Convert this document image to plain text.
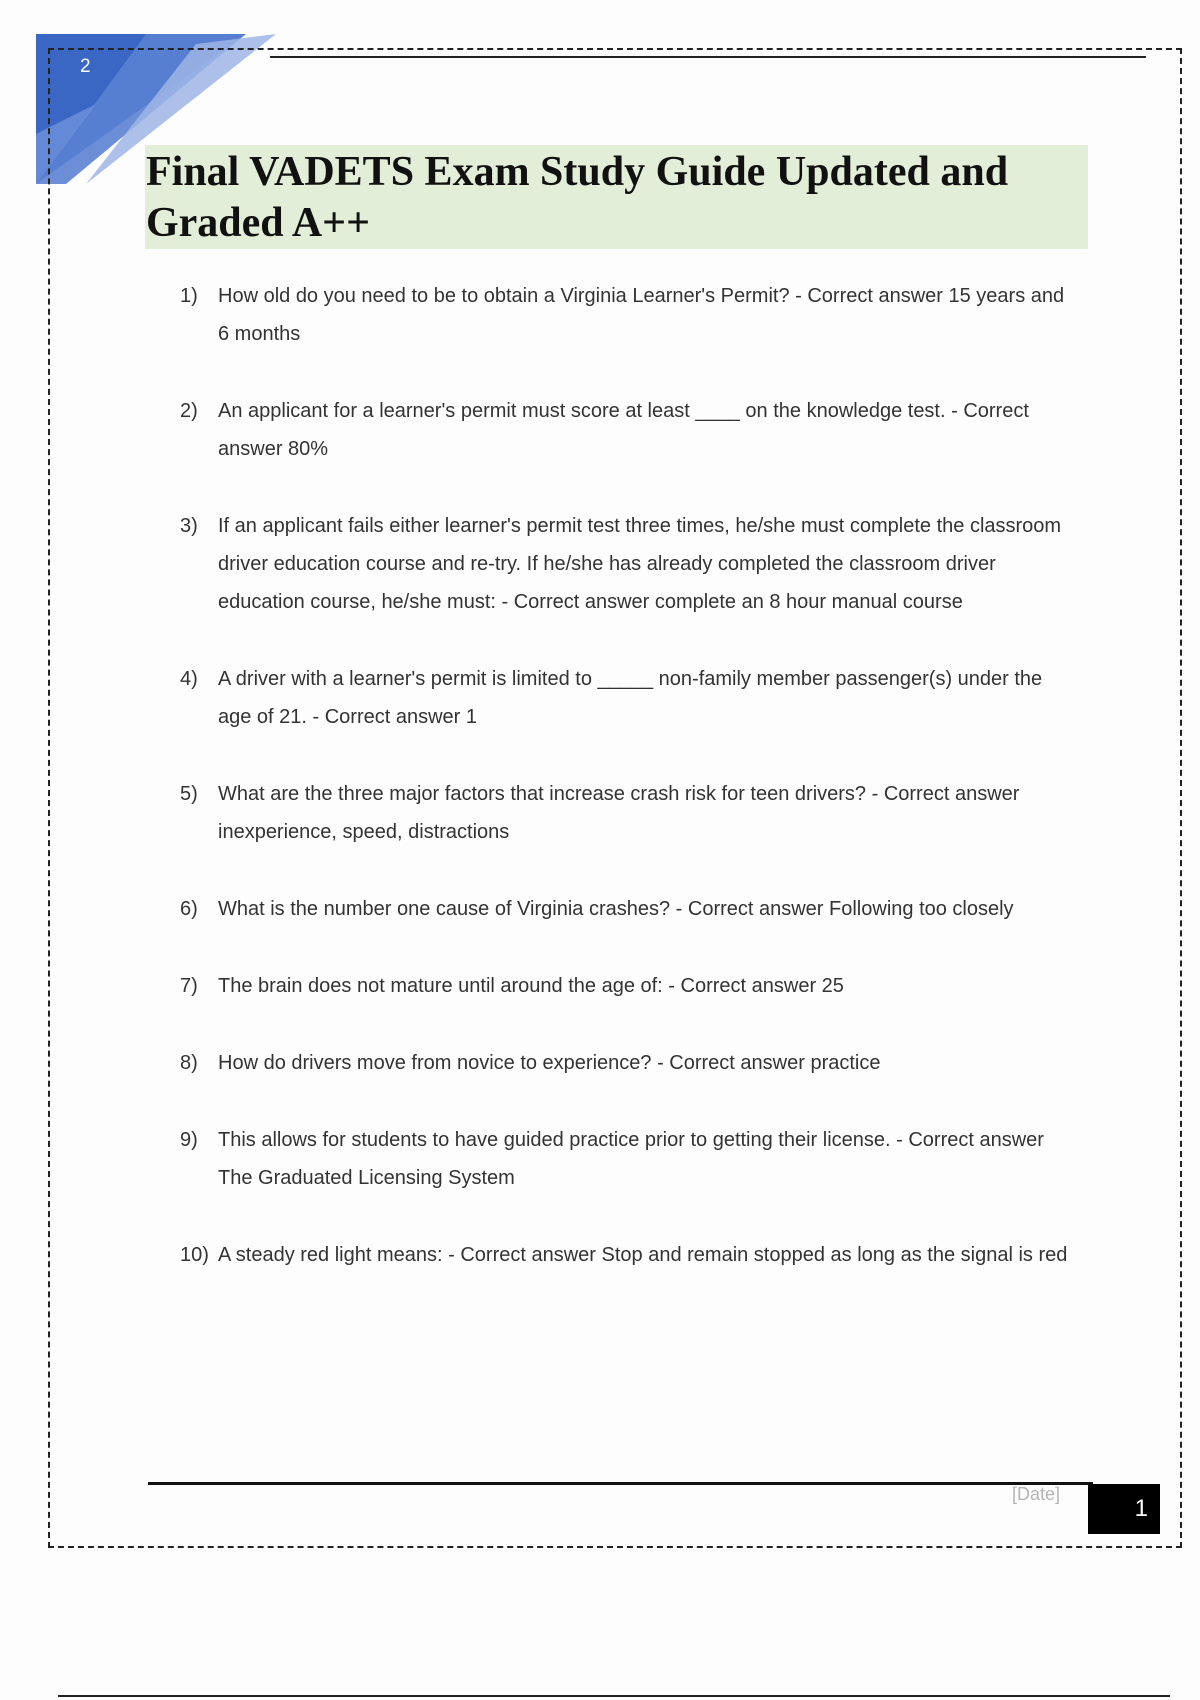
2
Final VADETS Exam Study Guide Updated and Graded A++
1) How old do you need to be to obtain a Virginia Learner's Permit? - Correct answer 15 years and 6 months
2) An applicant for a learner's permit must score at least ____ on the knowledge test. - Correct answer 80%
3) If an applicant fails either learner's permit test three times, he/she must complete the classroom driver education course and re-try. If he/she has already completed the classroom driver education course, he/she must: - Correct answer complete an 8 hour manual course
4) A driver with a learner's permit is limited to _____ non-family member passenger(s) under the age of 21. - Correct answer 1
5) What are the three major factors that increase crash risk for teen drivers? - Correct answer inexperience, speed, distractions
6) What is the number one cause of Virginia crashes? - Correct answer Following too closely
7) The brain does not mature until around the age of: - Correct answer 25
8) How do drivers move from novice to experience? - Correct answer practice
9) This allows for students to have guided practice prior to getting their license. - Correct answer The Graduated Licensing System
10) A steady red light means: - Correct answer Stop and remain stopped as long as the signal is red
[Date]
1
